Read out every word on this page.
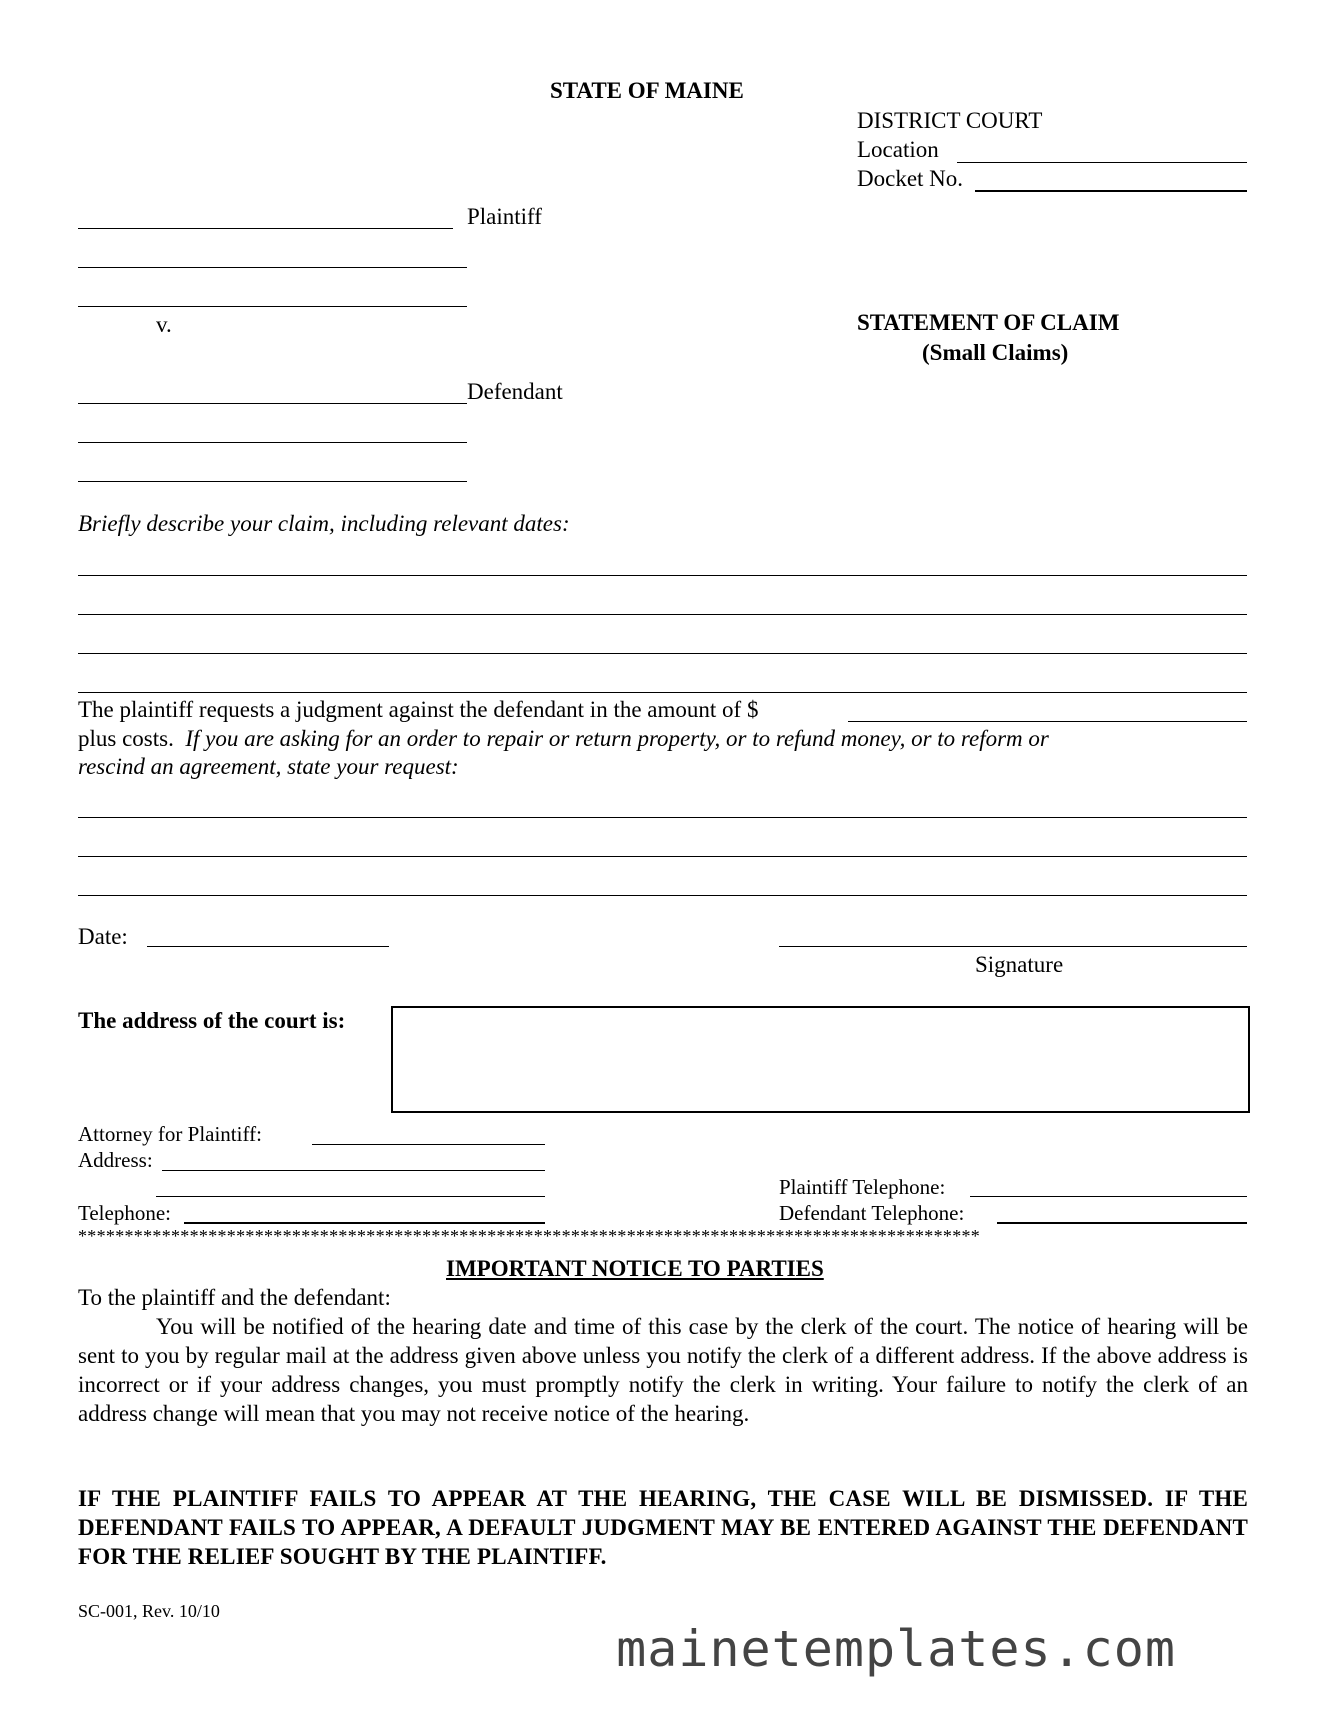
STATE OF MAINE
DISTRICT COURT
Location
Docket No.
Plaintiff
v.	STATEMENT OF CLAIM
(Small Claims)
Defendant
Briefly describe your claim, including relevant dates:
The plaintiff requests a judgment against the defendant in the amount of $
plus costs. If you are asking for an order to repair or return property, or to refund money, or to reform or
rescind an agreement, state your request:
Date:
Signature
The address of the court is:
Attorney for Plaintiff:
Address:
Telephone:
Plaintiff Telephone:
Defendant Telephone:
*************************************************************************************************
IMPORTANT NOTICE TO PARTIES
To the plaintiff and the defendant:
You will be notified of the hearing date and time of this case by the clerk of the court. The notice of hearing will be sent to you by regular mail at the address given above unless you notify the clerk of a different address. If the above address is incorrect or if your address changes, you must promptly notify the clerk in writing. Your failure to notify the clerk of an address change will mean that you may not receive notice of the hearing.
IF THE PLAINTIFF FAILS TO APPEAR AT THE HEARING, THE CASE WILL BE DISMISSED. IF THE DEFENDANT FAILS TO APPEAR, A DEFAULT JUDGMENT MAY BE ENTERED AGAINST THE DEFENDANT FOR THE RELIEF SOUGHT BY THE PLAINTIFF.
SC-001, Rev. 10/10
mainetemplates.com
